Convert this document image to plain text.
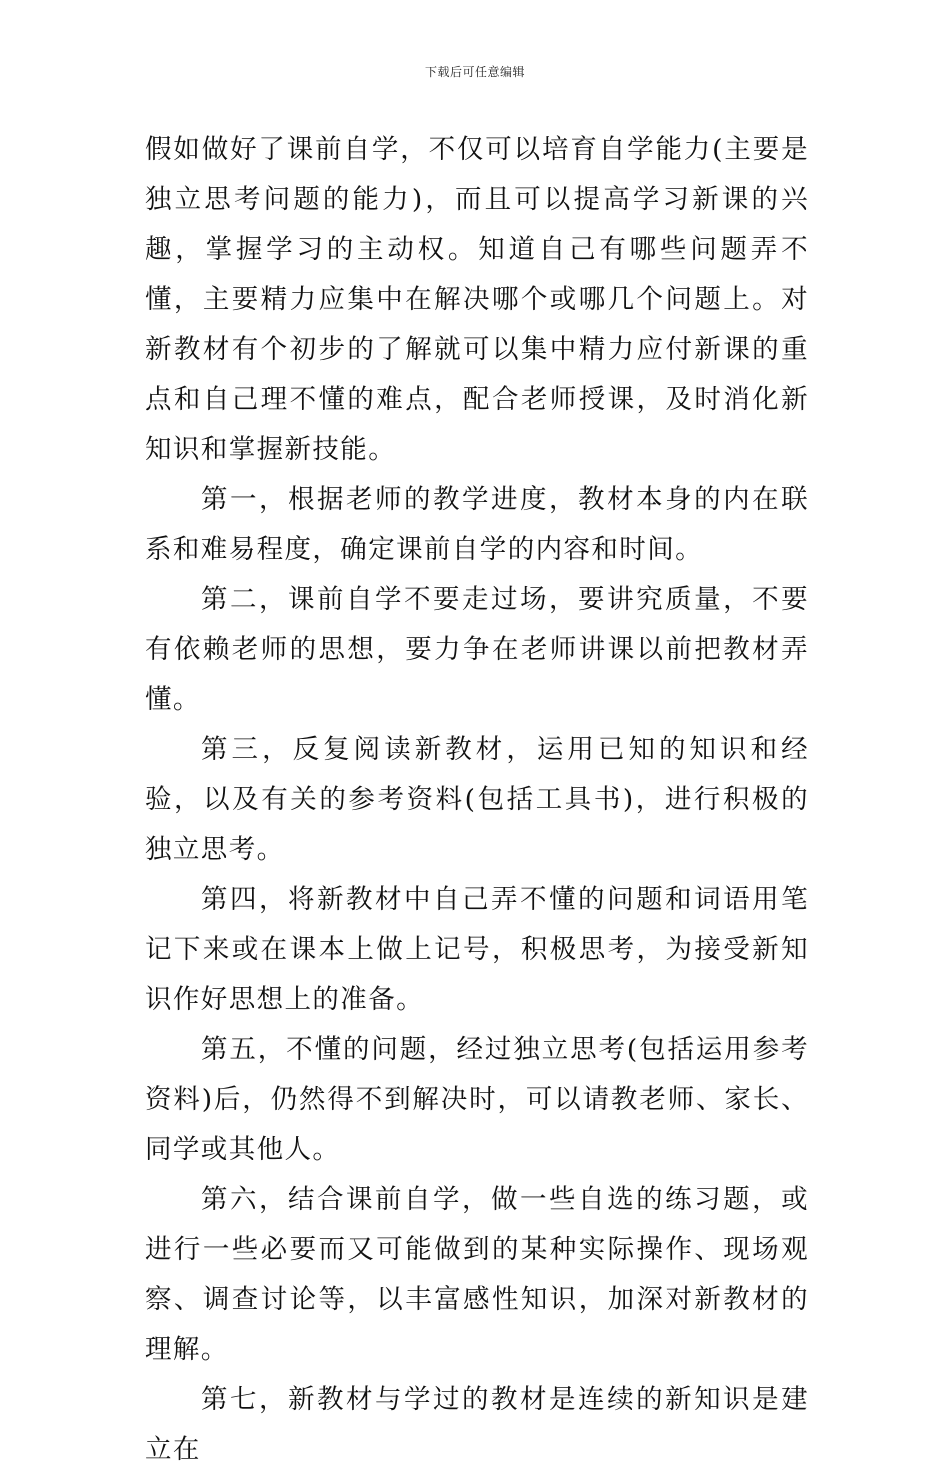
下载后可任意编辑

假如做好了课前自学，不仅可以培育自学能力(主要是独立思考问题的能力)，而且可以提高学习新课的兴趣，掌握学习的主动权。知道自己有哪些问题弄不懂，主要精力应集中在解决哪个或哪几个问题上。对新教材有个初步的了解就可以集中精力应付新课的重点和自己理不懂的难点，配合老师授课，及时消化新知识和掌握新技能。

第一，根据老师的教学进度，教材本身的内在联系和难易程度，确定课前自学的内容和时间。

第二，课前自学不要走过场，要讲究质量，不要有依赖老师的思想，要力争在老师讲课以前把教材弄懂。

第三，反复阅读新教材，运用已知的知识和经验，以及有关的参考资料(包括工具书)，进行积极的独立思考。

第四，将新教材中自己弄不懂的问题和词语用笔记下来或在课本上做上记号，积极思考，为接受新知识作好思想上的准备。

第五，不懂的问题，经过独立思考(包括运用参考资料)后，仍然得不到解决时，可以请教老师、家长、同学或其他人。

第六，结合课前自学，做一些自选的练习题，或进行一些必要而又可能做到的某种实际操作、现场观察、调查讨论等，以丰富感性知识，加深对新教材的理解。

第七，新教材与学过的教材是连续的新知识是建立在
